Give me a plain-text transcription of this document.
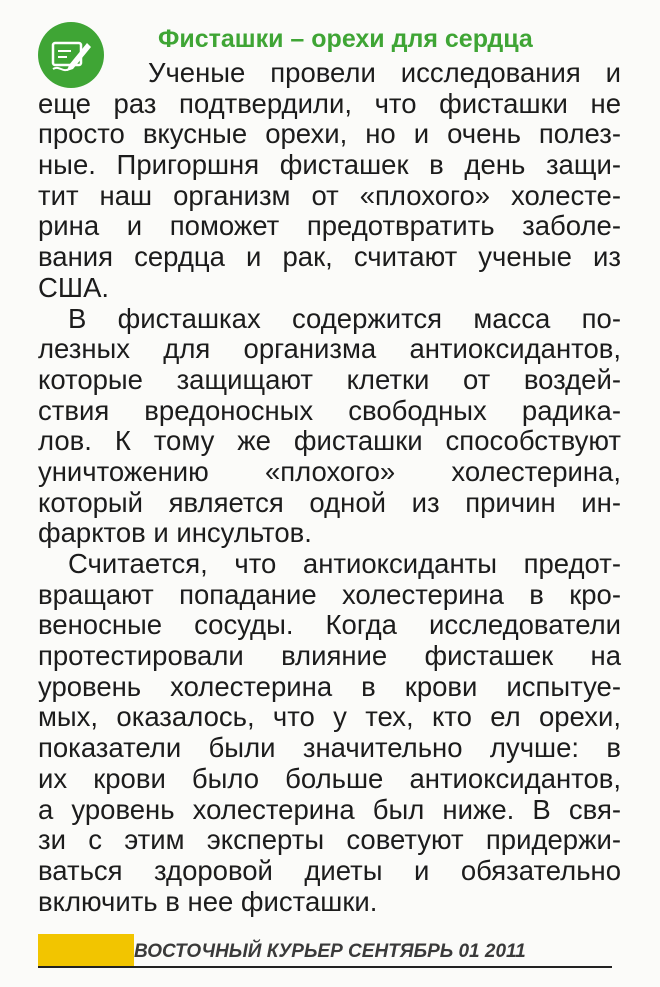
Фисташки – орехи для сердца
Ученые провели исследования и
еще раз подтвердили, что фисташки не
просто вкусные орехи, но и очень полез-
ные. Пригоршня фисташек в день защи-
тит наш организм от «плохого» холесте-
рина и поможет предотвратить заболе-
вания сердца и рак, считают ученые из
США.
В фисташках содержится масса по-
лезных для организма антиоксидантов,
которые защищают клетки от воздей-
ствия вредоносных свободных радика-
лов. К тому же фисташки способствуют
уничтожению «плохого» холестерина,
который является одной из причин ин-
фарктов и инсультов.
Считается, что антиоксиданты предот-
вращают попадание холестерина в кро-
веносные сосуды. Когда исследователи
протестировали влияние фисташек на
уровень холестерина в крови испытуе-
мых, оказалось, что у тех, кто ел орехи,
показатели были значительно лучше: в
их крови было больше антиоксидантов,
а уровень холестерина был ниже. В свя-
зи с этим эксперты советуют придержи-
ваться здоровой диеты и обязательно
включить в нее фисташки.
ВОСТОЧНЫЙ КУРЬЕР СЕНТЯБРЬ 01 2011
